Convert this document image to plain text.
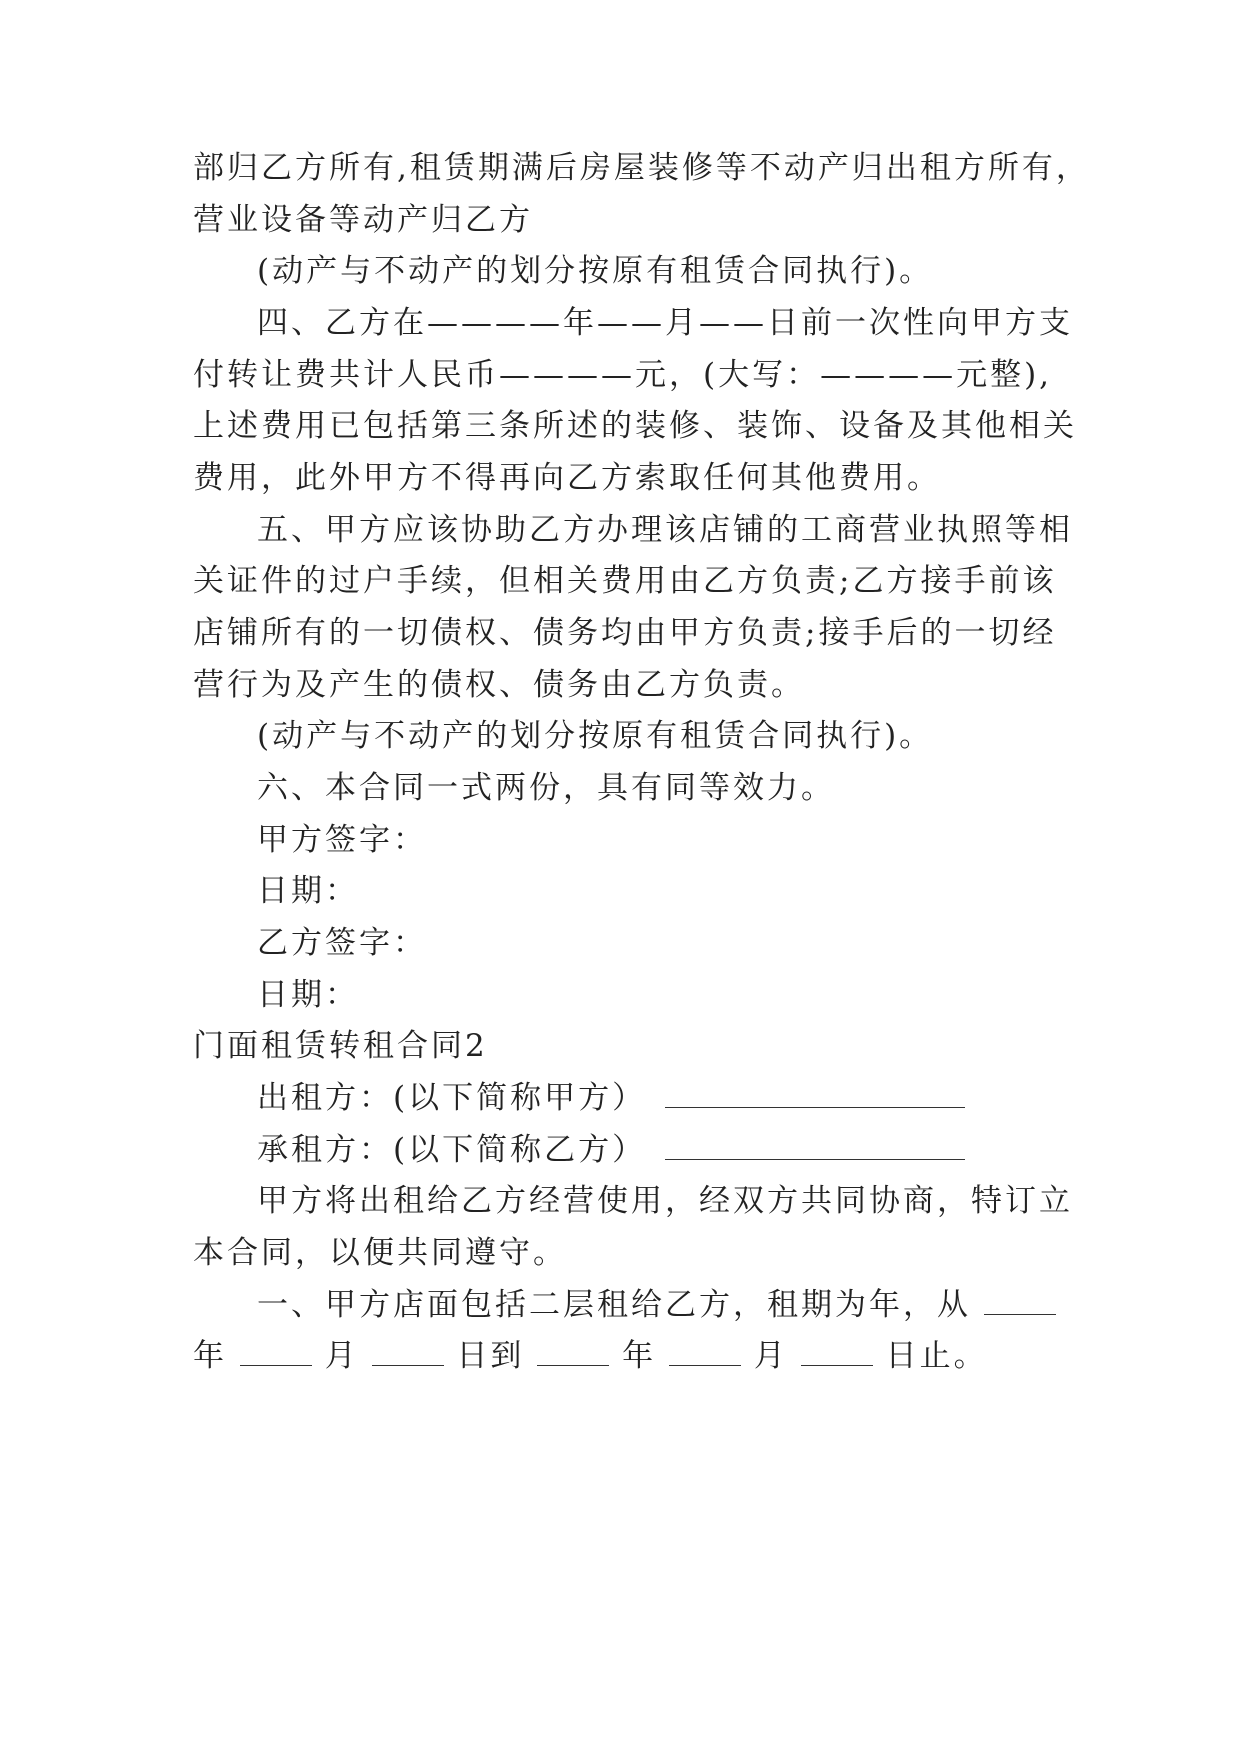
部归乙方所有,租赁期满后房屋装修等不动产归出租方所有，
营业设备等动产归乙方
(动产与不动产的划分按原有租赁合同执行)。
四、乙方在————年——月——日前一次性向甲方支
付转让费共计人民币————元，(大写：————元整),
上述费用已包括第三条所述的装修、装饰、设备及其他相关
费用，此外甲方不得再向乙方索取任何其他费用。
五、甲方应该协助乙方办理该店铺的工商营业执照等相
关证件的过户手续，但相关费用由乙方负责;乙方接手前该
店铺所有的一切债权、债务均由甲方负责;接手后的一切经
营行为及产生的债权、债务由乙方负责。
(动产与不动产的划分按原有租赁合同执行)。
六、本合同一式两份，具有同等效力。
甲方签字：
日期：
乙方签字：
日期：
门面租赁转租合同2
出租方：(以下简称甲方）
承租方：(以下简称乙方）
甲方将出租给乙方经营使用，经双方共同协商，特订立
本合同，以便共同遵守。
一、甲方店面包括二层租给乙方，租期为年，从
年	月	日到	年	月	日止。
